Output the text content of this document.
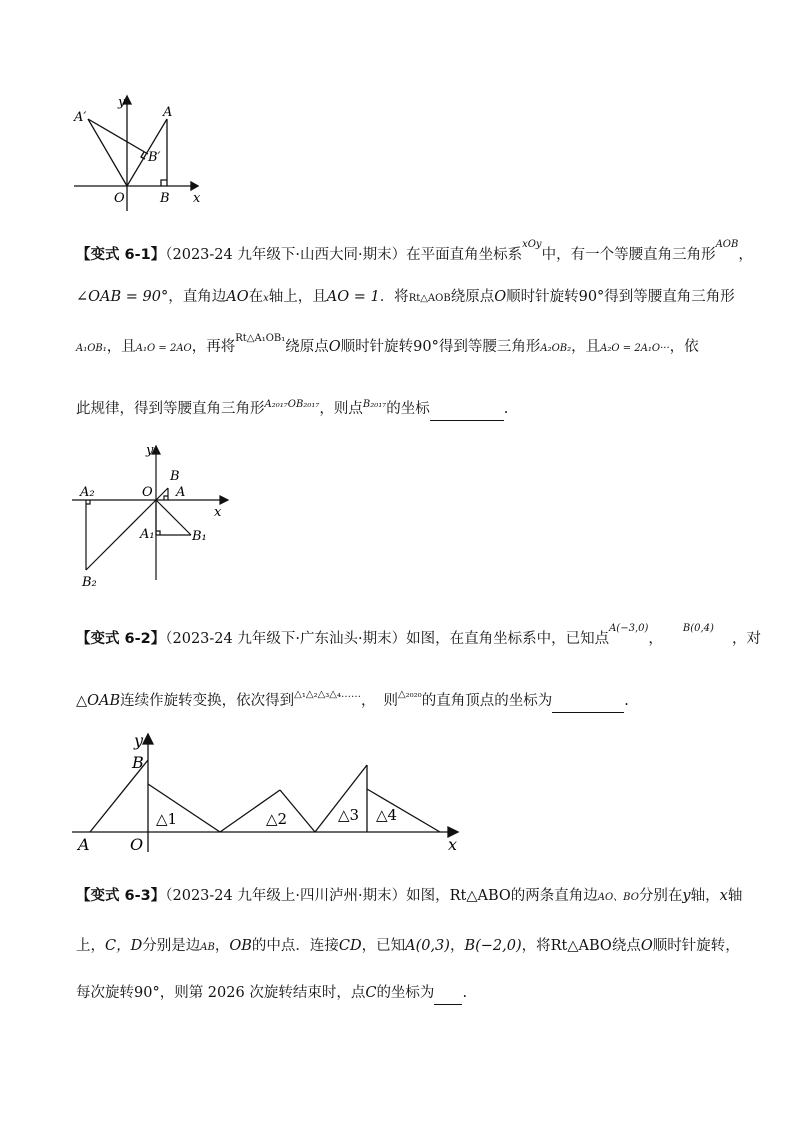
A′
y
A
B′
O	B x
【变式 6-1】（2023-24 九年级下·山西大同·期末）在平面直角坐标系$^{xOy}$中，有一个等腰直角三角形$^{AOB}$，
∠OAB = 90°，直角边AO在x轴上，且AO = 1．将Rt△AOB绕原点O顺时针旋转90°得到等腰直角三角形
A₁OB₁，且A₁O = 2AO，再将$^{Rt\triangle A_1OB_1}$绕原点O顺时针旋转90°得到等腰三角形A₂OB₂，且A₂O = 2A₁O···，依
此规律，得到等腰直角三角形$^{A_{2017}OB_{2017}}$，则点$^{B_{2017}}$的坐标	.
y
B
A₂	O A
x
A₁	B₁
B₂
【变式 6-2】（2023-24 九年级下·广东汕头·期末）如图，在直角坐标系中，已知点$^{A(-3,0)}$，$^{B(0,4)}$，对
△OAB连续作旋转变换，依次得到$^{\triangle_1\triangle_2\triangle_3\triangle_4\dots\dots}$， 则$^{\triangle_{2020}}$的直角顶点的坐标为	.
y
B
A	O	x
△1	△2	△3 △4
【变式 6-3】（2023-24 九年级上·四川泸州·期末）如图，Rt△ABO的两条直角边AO、BO分别在y轴，x轴
上，C，D分别是边AB，OB的中点．连接CD，已知A(0,3)，B(−2,0)，将Rt△ABO绕点O顺时针旋转，
每次旋转90°，则第 2026 次旋转结束时，点C的坐标为 .
